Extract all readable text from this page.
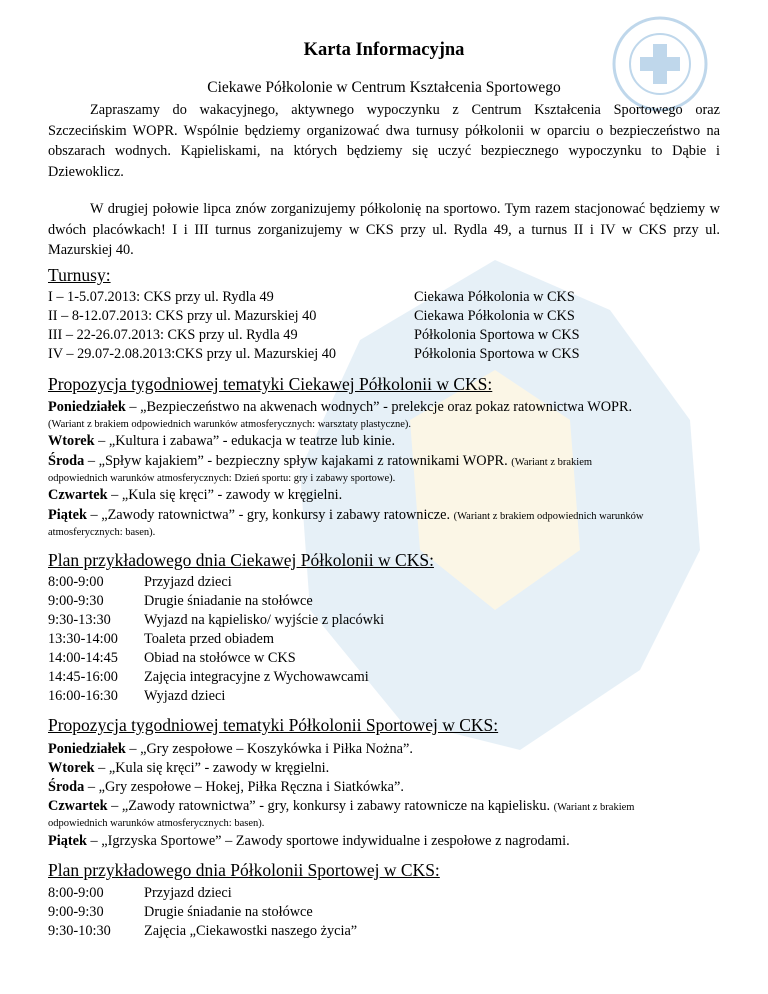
Karta Informacyjna
Ciekawe Półkolonie w Centrum Kształcenia Sportowego
Zapraszamy do wakacyjnego, aktywnego wypoczynku z Centrum Kształcenia Sportowego oraz Szczecińskim WOPR. Wspólnie będziemy organizować dwa turnusy półkolonii w oparciu o bezpieczeństwo na obszarach wodnych. Kąpieliskami, na których będziemy się uczyć bezpiecznego wypoczynku to Dąbie i Dziewoklicz.
W drugiej połowie lipca znów zorganizujemy półkolonię na sportowo. Tym razem stacjonować będziemy w dwóch placówkach! I i III turnus zorganizujemy w CKS przy ul. Rydla 49, a turnus II i IV w CKS przy ul. Mazurskiej 40.
Turnusy:
I – 1-5.07.2013: CKS przy ul. Rydla 49	Ciekawa Półkolonia w CKS
II – 8-12.07.2013: CKS przy ul. Mazurskiej 40	Ciekawa Półkolonia w CKS
III – 22-26.07.2013: CKS przy ul. Rydla 49	Półkolonia Sportowa w CKS
IV – 29.07-2.08.2013:CKS przy ul. Mazurskiej 40	Półkolonia Sportowa w CKS
Propozycja tygodniowej tematyki Ciekawej Półkolonii w CKS:
Poniedziałek – „Bezpieczeństwo na akwenach wodnych” - prelekcje oraz pokaz ratownictwa WOPR.
(Wariant z brakiem odpowiednich warunków atmosferycznych: warsztaty plastyczne).
Wtorek – „Kultura i zabawa” - edukacja w teatrze lub kinie.
Środa – „Spływ kajakiem” - bezpieczny spływ kajakami z ratownikami WOPR. (Wariant z brakiem
odpowiednich warunków atmosferycznych: Dzień sportu: gry i zabawy sportowe).
Czwartek – „Kula się kręci” - zawody w kręgielni.
Piątek – „Zawody ratownictwa” - gry, konkursy i zabawy ratownicze. (Wariant z brakiem odpowiednich warunków
atmosferycznych: basen).
Plan przykładowego dnia Ciekawej Półkolonii w CKS:
8:00-9:00	Przyjazd dzieci
9:00-9:30	Drugie śniadanie na stołówce
9:30-13:30 Wyjazd na kąpielisko/ wyjście z placówki
13:30-14:00 Toaleta przed obiadem
14:00-14:45 Obiad na stołówce w CKS
14:45-16:00 Zajęcia integracyjne z Wychowawcami
16:00-16:30 Wyjazd dzieci
Propozycja tygodniowej tematyki Półkolonii Sportowej w CKS:
Poniedziałek – „Gry zespołowe – Koszykówka i Piłka Nożna”.
Wtorek – „Kula się kręci” - zawody w kręgielni.
Środa – „Gry zespołowe – Hokej, Piłka Ręczna i Siatkówka”.
Czwartek – „Zawody ratownictwa” - gry, konkursy i zabawy ratownicze na kąpielisku. (Wariant z brakiem
odpowiednich warunków atmosferycznych: basen).
Piątek – „Igrzyska Sportowe” – Zawody sportowe indywidualne i zespołowe z nagrodami.
Plan przykładowego dnia Półkolonii Sportowej w CKS:
8:00-9:00	Przyjazd dzieci
9:00-9:30	Drugie śniadanie na stołówce
9:30-10:30 Zajęcia „Ciekawostki naszego życia”
